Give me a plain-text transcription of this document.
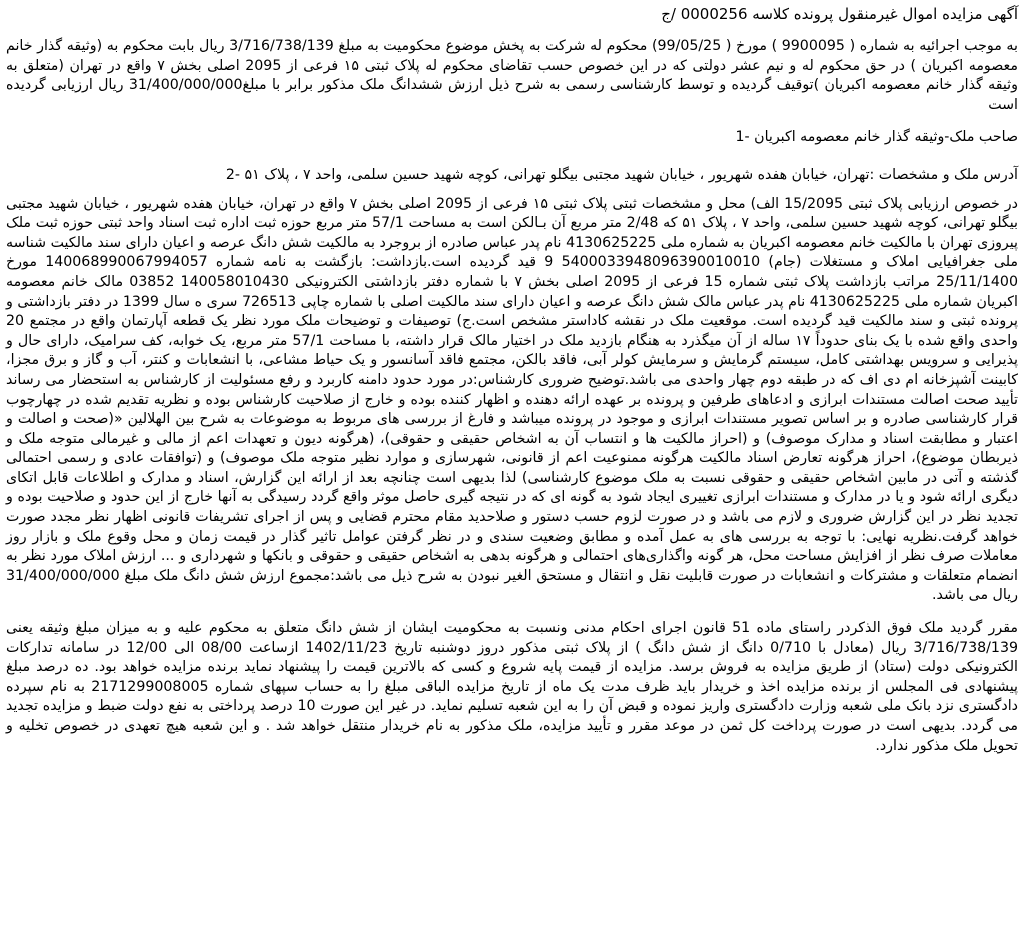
آگهی مزایده اموال غیرمنقول پرونده کلاسه 0000256 /ج
به موجب اجرائیه به شماره ( 9900095 ) مورخ ( 99/05/25) محکوم له شرکت به پخش موضوع محکومیت به مبلغ 3/716/738/139 ریال بابت محکوم به (وثیقه گذار خانم معصومه اکبریان ) در حق محکوم له و نیم عشر دولتی که در این خصوص حسب تقاضای محکوم له پلاک ثبتی ۱۵ فرعی از 2095 اصلی بخش ۷ واقع در تهران (متعلق به وثیقه گذار خانم معصومه اکبریان )توقیف گردیده و توسط کارشناسی رسمی به شرح ذیل ارزش ششدانگ ملک مذکور برابر با مبلغ31/400/000/000 ریال ارزیابی گردیده است
صاحب ملک-وثیقه گذار خانم معصومه اکبریان -1
آدرس ملک و مشخصات :تهران، خیابان هفده شهریور ، خیابان شهید مجتبی بیگلو تهرانی، کوچه شهید حسین سلمی، واحد ۷ ، پلاک ۵۱ -2
در خصوص ارزیابی پلاک ثبتی 15/2095 الف) محل و مشخصات ثبتی پلاک ثبتی ۱۵ فرعی از 2095 اصلی بخش ۷ واقع در تهران، خیابان هفده شهریور ، خیابان شهید مجتبی بیگلو تهرانی، کوچه شهید حسین سلمی، واحد ۷ ، پلاک ۵۱ که 2/48 متر مربع آن بـالکن است به مساحت 57/1 متر مربع حوزه ثبت اداره ثبت اسناد واحد ثبتی حوزه ثبت ملک پیروزی تهران با مالکیت خانم معصومه اکبریان به شماره ملی 4130625225 نام پدر عباس صادره از بروجرد به مالکیت شش دانگ عرصه و اعیان دارای سند مالکیت شناسه ملی جغرافیایی املاک و مستغلات (جام) 5400033948096390010010 9 قید گردیده است.بازداشت: بازگشت به نامه شماره 140068990067994057 مورخ 25/11/1400 مراتب بازداشت پلاک ثبتی شماره 15 فرعی از 2095 اصلی بخش ۷ با شماره دفتر بازداشتی الکترونیکی 140058010430 03852 مالک خانم معصومه اکبریان شماره ملی 4130625225 نام پدر عباس مالک شش دانگ عرصه و اعیان دارای سند مالکیت اصلی با شماره چاپی 726513 سری ه سال 1399 در دفتر بازداشتی و پرونده ثبتی و سند مالکیت قید گردیده است. موقعیت ملک در نقشه کاداستر مشخص است.ج) توصیفات و توضیحات ملک مورد نظر یک قطعه آپارتمان واقع در مجتمع 20 واحدی واقع شده با یک بنای حدوداً ۱۷ ساله از آن میگذرد به هنگام بازدید ملک در اختیار مالک قرار داشته، با مساحت 57/1 متر مربع، یک خوابه، کف سرامیک، دارای حال و پذیرایی و سرویس بهداشتی کامل، سیستم گرمایش و سرمایش کولر آبی، فاقد بالکن، مجتمع فاقد آسانسور و یک حیاط مشاعی، با انشعابات و کنتر، آب و گاز و برق مجزا، کابینت آشپزخانه ام دی اف که در طبقه دوم چهار واحدی می باشد.توضیح ضروری کارشناس:در مورد حدود دامنه کاربرد و رفع مسئولیت از کارشناس به استحضار می رساند تأیید صحت اصالت مستندات ابرازی و ادعاهای طرفین و پرونده بر عهده ارائه دهنده و اظهار کننده بوده و خارج از صلاحیت کارشناس بوده و نظریه تقدیم شده در چهارچوب قرار کارشناسی صادره و بر اساس تصویر مستندات ابرازی و موجود در پرونده میباشد و فارغ از بررسی های مربوط به موضوعات به شرح بین الهلالین «(صحت و اصالت و اعتبار و مطابقت اسناد و مدارک موصوف) و (احراز مالکیت ها و انتساب آن به اشخاص حقیقی و حقوقی)، (هرگونه دیون و تعهدات اعم از مالی و غیرمالی متوجه ملک و ذیربطان موضوع)، احراز هرگونه تعارض اسناد مالکیت هرگونه ممنوعیت اعم از قانونی، شهرسازی و موارد نظیر متوجه ملک موصوف) و (توافقات عادی و رسمی احتمالی گذشته و آتی در مابین اشخاص حقیقی و حقوقی نسبت به ملک موضوع کارشناسی) لذا بدیهی است چنانچه بعد از ارائه این گزارش، اسناد و مدارک و اطلاعات قابل اتکای دیگری ارائه شود و یا در مدارک و مستندات ابرازی تغییری ایجاد شود به گونه ای که در نتیجه گیری حاصل موثر واقع گردد رسیدگی به آنها خارج از این حدود و صلاحیت بوده و تجدید نظر در این گزارش ضروری و لازم می باشد و در صورت لزوم حسب دستور و صلاحدید مقام محترم قضایی و پس از اجرای تشریفات قانونی اظهار نظر مجدد صورت خواهد گرفت.نظریه نهایی: با توجه به بررسی های به عمل آمده و مطابق وضعیت سندی و در نظر گرفتن عوامل تاثیر گذار در قیمت زمان و محل وقوع ملک و بازار روز معاملات صرف نظر از افزایش مساحت محل، هر گونه واگذاری‌های احتمالی و هرگونه بدهی به اشخاص حقیقی و حقوقی و بانکها و شهرداری و ... ارزش املاک مورد نظر به انضمام متعلقات و مشترکات و انشعابات در صورت قابلیت نقل و انتقال و مستحق الغیر نبودن به شرح ذیل می باشد:مجموع ارزش شش دانگ ملک مبلغ 31/400/000/000 ریال می باشد.
مقرر گردید ملک فوق الذکردر راستای ماده 51 قانون اجرای احکام مدنی ونسبت به محکومیت ایشان از شش دانگ متعلق به محکوم علیه و به میزان مبلغ وثیقه یعنی 3/716/738/139 ریال (معادل با 0/710 دانگ از شش دانگ ) از پلاک ثبتی مذکور دروز دوشنبه تاریخ 1402/11/23 ازساعت 08/00 الی 12/00 در سامانه تدارکات الکترونیکی دولت (ستاد) از طریق مزایده به فروش برسد. مزایده از قیمت پایه شروع و کسی که بالاترین قیمت را پیشنهاد نماید برنده مزایده خواهد بود. ده درصد مبلغ پیشنهادی فی المجلس از برنده مزایده اخذ و خریدار باید ظرف مدت یک ماه از تاریخ مزایده الباقی مبلغ را به حساب سپهای شماره 2171299008005 به نام سپرده دادگستری نزد بانک ملی شعبه وزارت دادگستری واریز نموده و قبض آن را به این شعبه تسلیم نماید. در غیر این صورت 10 درصد پرداختی به نفع دولت ضبط و مزایده تجدید می گردد. بدیهی است در صورت پرداخت کل ثمن در موعد مقرر و تأیید مزایده، ملک مذکور به نام خریدار منتقل خواهد شد . و این شعبه هیچ تعهدی در خصوص تخلیه و تحویل ملک مذکور ندارد.
